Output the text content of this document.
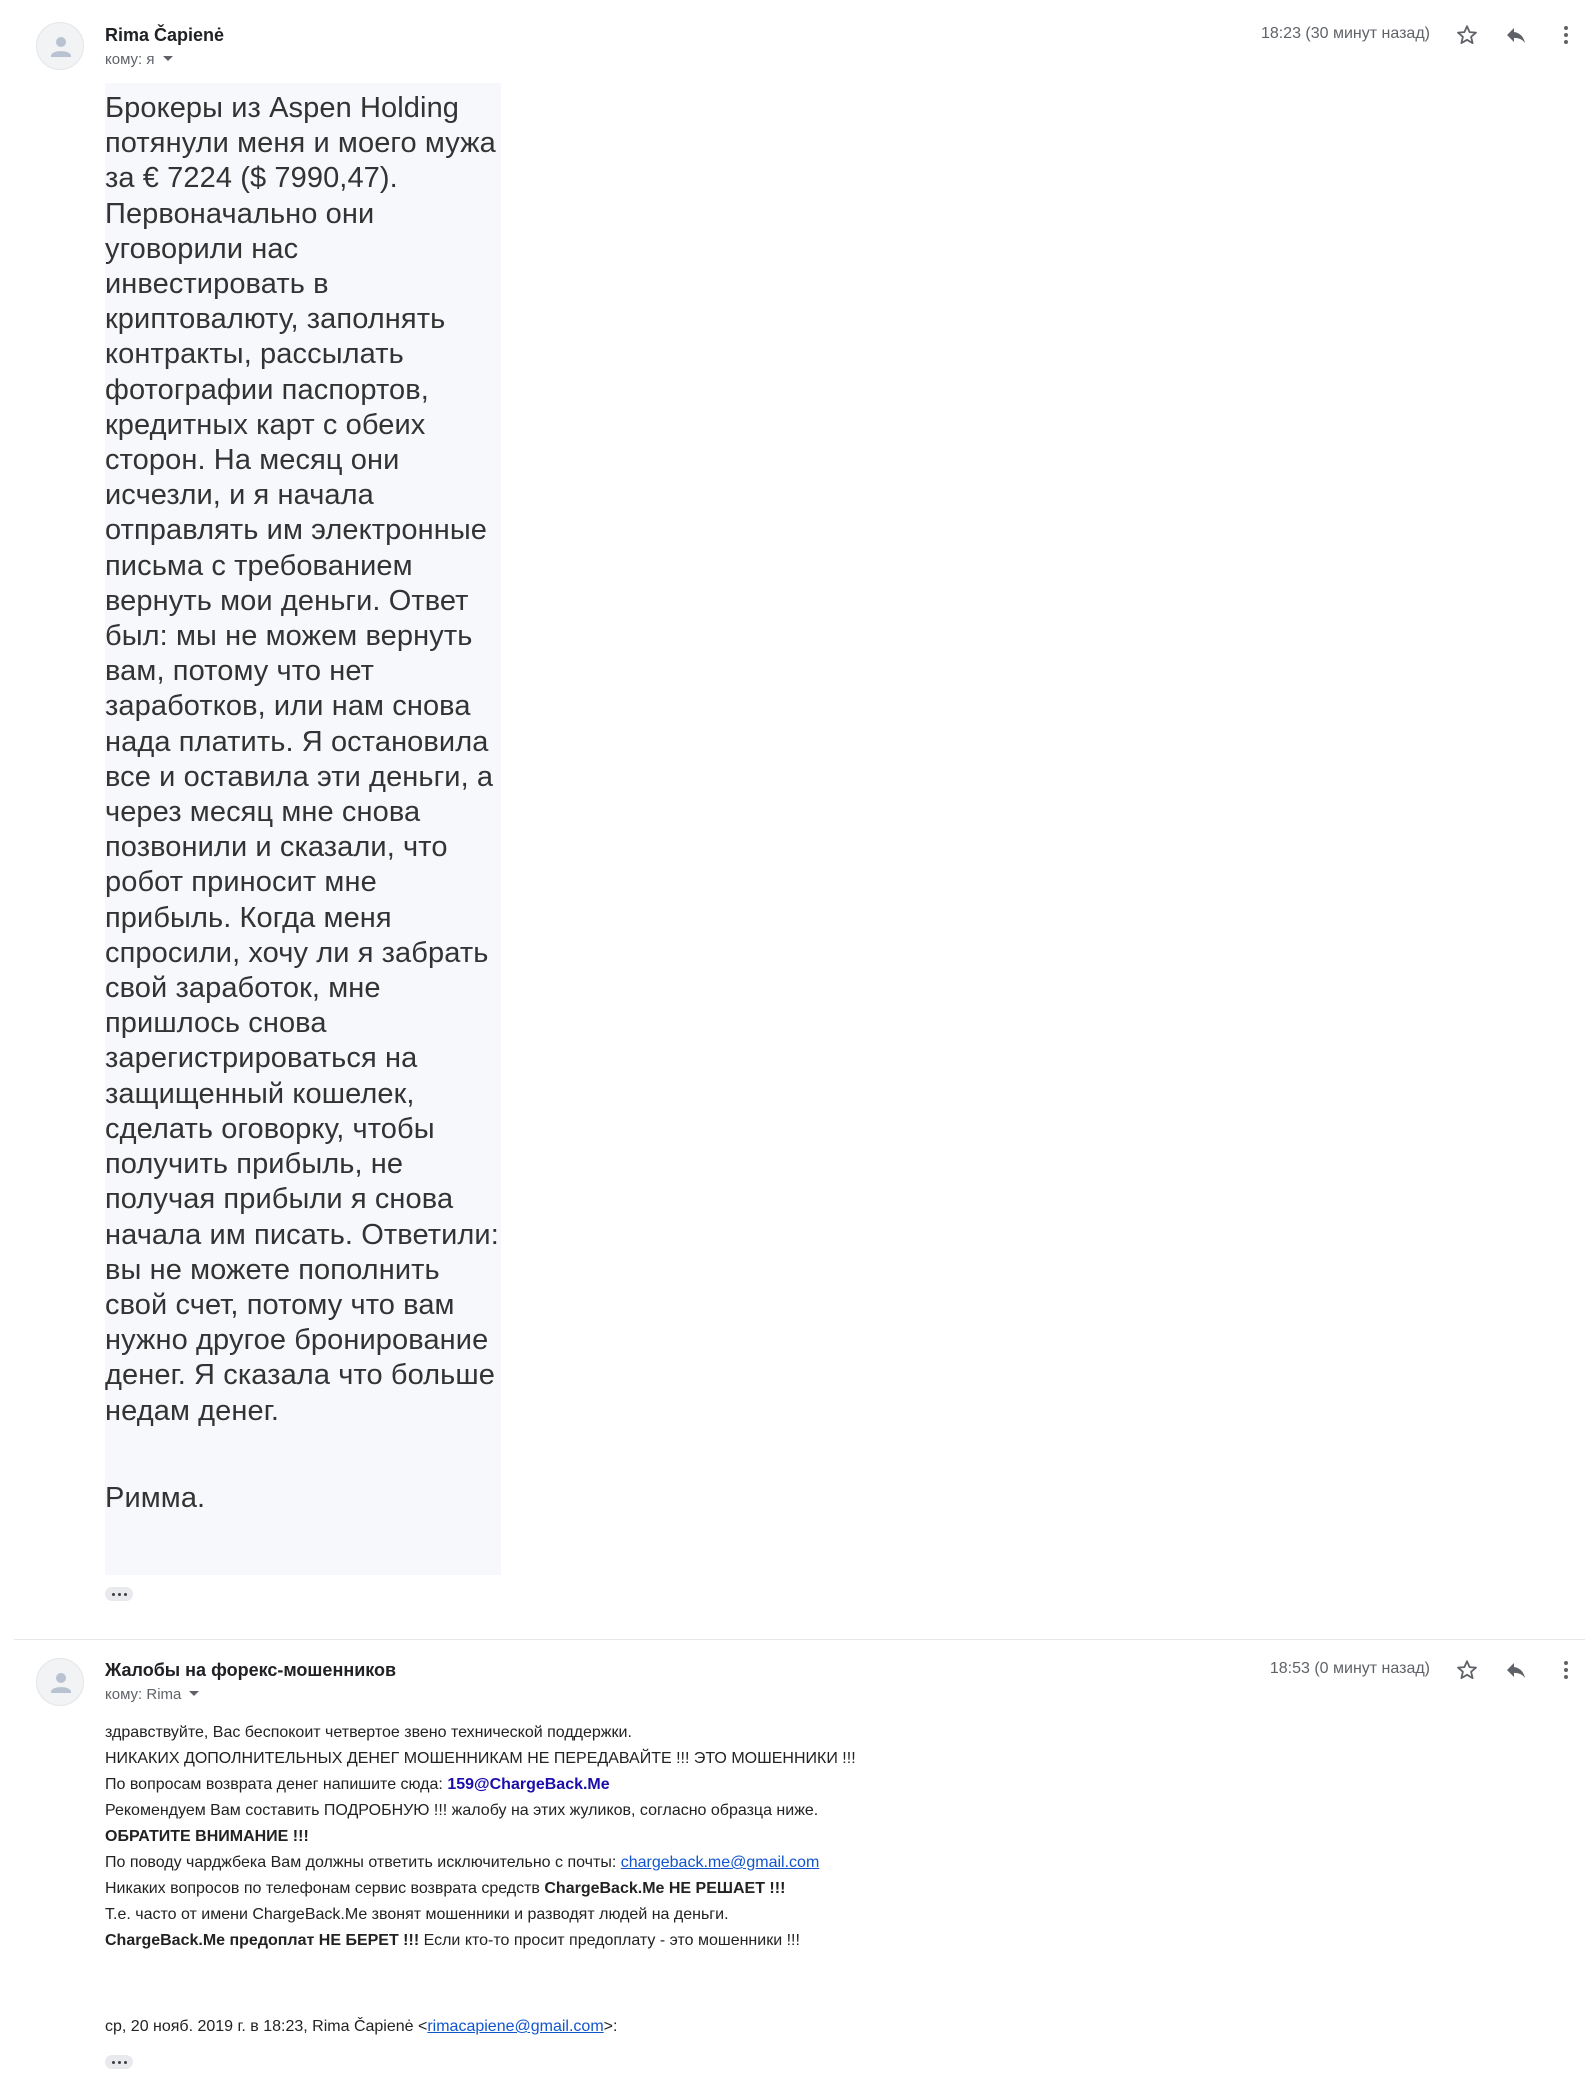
Rima Čapienė
кому: я
18:23 (30 минут назад)

Брокеры из Aspen Holding потянули меня и моего мужа за € 7224 ($ 7990,47). Первоначально они уговорили нас инвестировать в криптовалюту, заполнять контракты, рассылать фотографии паспортов, кредитных карт с обеих сторон. На месяц они исчезли, и я начала отправлять им электронные письма с требованием вернуть мои деньги. Ответ был: мы не можем вернуть вам, потому что нет заработков, или нам снова нада платить. Я остановила все и оставила эти деньги, а через месяц мне снова позвонили и сказали, что робот приносит мне прибыль. Когда меня спросили, хочу ли я забрать свой заработок, мне пришлось снова зарегистрироваться на защищенный кошелек, сделать оговорку, чтобы получить прибыль, не получая прибыли я снова начала им писать. Ответили: вы не можете пополнить свой счет, потому что вам нужно другое бронирование денег. Я сказала что больше недам денег.

Римма.

Жалобы на форекс-мошенников
кому: Rima
18:53 (0 минут назад)
здравствуйте, Вас беспокоит четвертое звено технической поддержки.
НИКАКИХ ДОПОЛНИТЕЛЬНЫХ ДЕНЕГ МОШЕННИКАМ НЕ ПЕРЕДАВАЙТЕ !!! ЭТО МОШЕННИКИ !!!
По вопросам возврата денег напишите сюда: 159@ChargeBack.Me
Рекомендуем Вам составить ПОДРОБНУЮ !!! жалобу на этих жуликов, согласно образца ниже.
ОБРАТИТЕ ВНИМАНИЕ !!!
По поводу чарджбека Вам должны ответить исключительно с почты: chargeback.me@gmail.com
Никаких вопросов по телефонам сервис возврата средств ChargeBack.Me НЕ РЕШАЕТ !!!
Т.е. часто от имени ChargeBack.Ме звонят мошенники и разводят людей на деньги.
ChargeBack.Me предоплат НЕ БЕРЕТ !!! Если кто-то просит предоплату - это мошенники !!!
ср, 20 нояб. 2019 г. в 18:23, Rima Čapienė <rimacapiene@gmail.com>:
